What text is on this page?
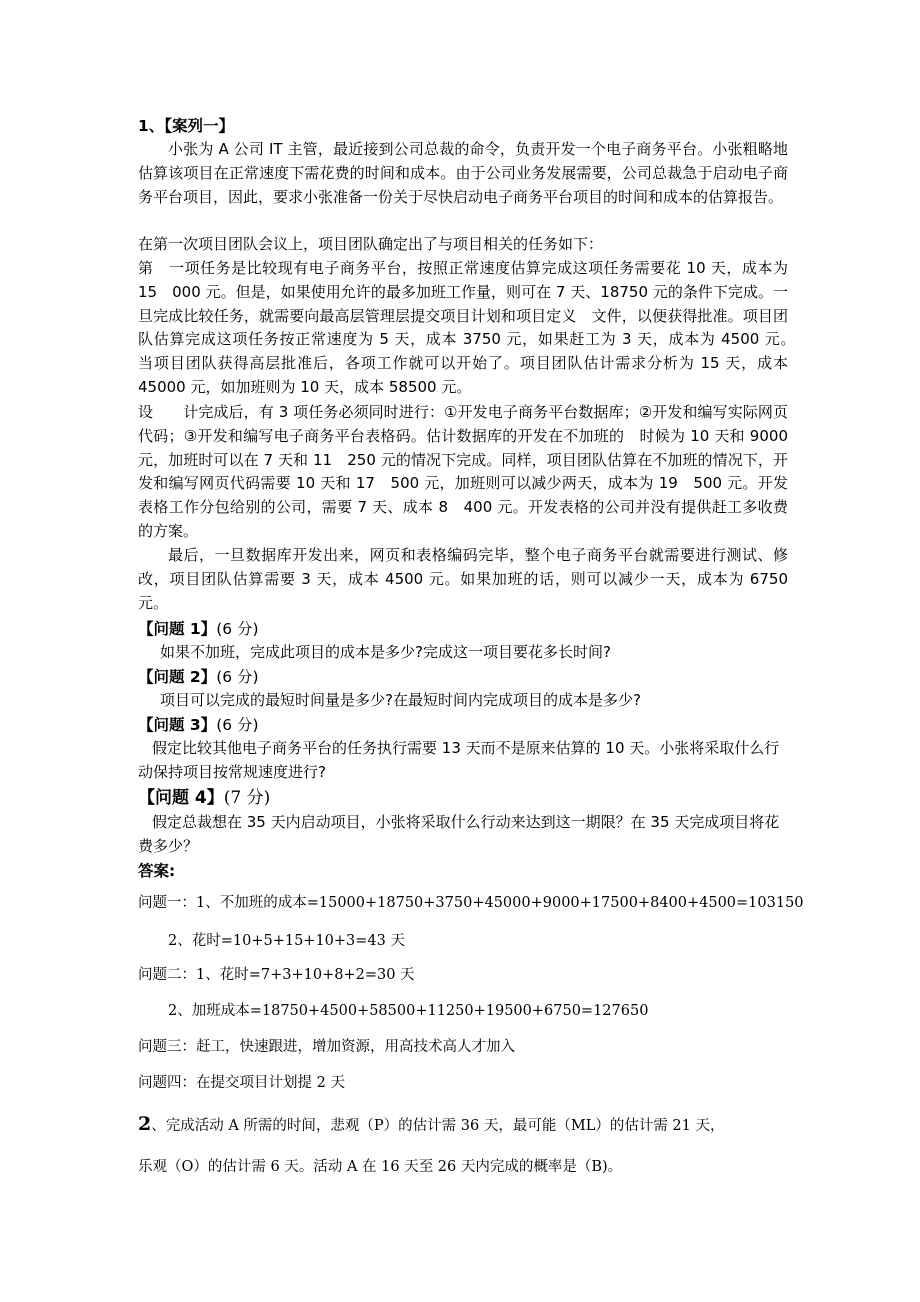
1、【案列一】

小张为 A 公司 IT 主管，最近接到公司总裁的命令，负责开发一个电子商务平台。小张粗略地估算该项目在正常速度下需花费的时间和成本。由于公司业务发展需要，公司总裁急于启动电子商务平台项目，因此，要求小张准备一份关于尽快启动电子商务平台项目的时间和成本的估算报告。

在第一次项目团队会议上，项目团队确定出了与项目相关的任务如下：

第　一项任务是比较现有电子商务平台，按照正常速度估算完成这项任务需要花 10 天，成本为 15　000 元。但是，如果使用允许的最多加班工作量，则可在 7 天、18750 元的条件下完成。一旦完成比较任务，就需要向最高层管理层提交项目计划和项目定义　文件，以便获得批准。项目团队估算完成这项任务按正常速度为 5 天，成本 3750 元，如果赶工为 3 天，成本为 4500 元。　当项目团队获得高层批准后，各项工作就可以开始了。项目团队估计需求分析为 15 天，成本 45000 元，如加班则为 10 天，成本 58500 元。

设　　计完成后，有 3 项任务必须同时进行：①开发电子商务平台数据库；②开发和编写实际网页代码；③开发和编写电子商务平台表格码。估计数据库的开发在不加班的　时候为 10 天和 9000 元，加班时可以在 7 天和 11　250 元的情况下完成。同样，项目团队估算在不加班的情况下，开发和编写网页代码需要 10 天和 17　500 元，加班则可以减少两天，成本为 19　500 元。开发表格工作分包给别的公司，需要 7 天、成本 8　400 元。开发表格的公司并没有提供赶工多收费的方案。

最后，一旦数据库开发出来，网页和表格编码完毕，整个电子商务平台就需要进行测试、修改，项目团队估算需要 3 天，成本 4500 元。如果加班的话，则可以减少一天，成本为 6750 元。

【问题 1】(6 分)

如果不加班，完成此项目的成本是多少?完成这一项目要花多长时间?

【问题 2】(6 分)

项目可以完成的最短时间量是多少?在最短时间内完成项目的成本是多少?

【问题 3】(6 分)

假定比较其他电子商务平台的任务执行需要 13 天而不是原来估算的 10 天。小张将采取什么行动保持项目按常规速度进行?

【问题 4】(7 分)

假定总裁想在 35 天内启动项目，小张将采取什么行动来达到这一期限？在 35 天完成项目将花费多少？

答案:
问题一：1、不加班的成本=15000+18750+3750+45000+9000+17500+8400+4500=103150
2、花时=10+5+15+10+3=43 天
问题二：1、花时=7+3+10+8+2=30 天
2、加班成本=18750+4500+58500+11250+19500+6750=127650
问题三：赶工，快速跟进，增加资源，用高技术高人才加入
问题四：在提交项目计划提 2 天
2、完成活动 A 所需的时间，悲观（P）的估计需 36 天，最可能（ML）的估计需 21 天，
乐观（O）的估计需 6 天。活动 A 在 16 天至 26 天内完成的概率是（B)。
